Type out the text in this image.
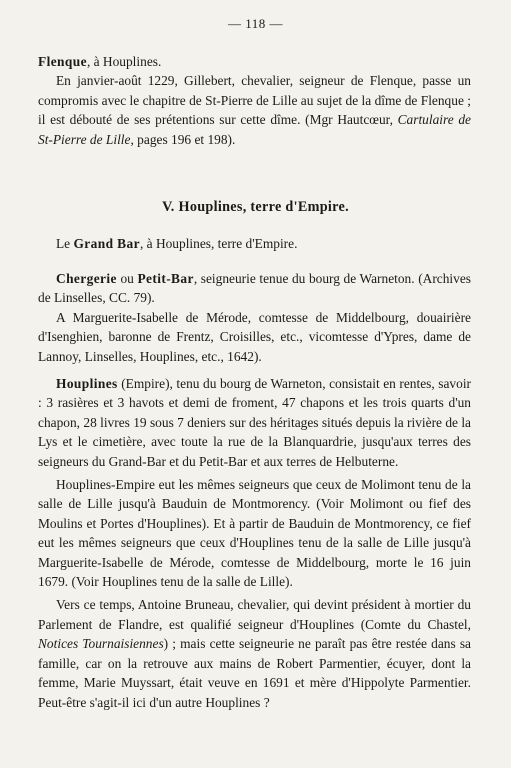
— 118 —

Flenque, à Houplines.

En janvier-août 1229, Gillebert, chevalier, seigneur de Flenque, passe un compromis avec le chapitre de St-Pierre de Lille au sujet de la dîme de Flenque ; il est débouté de ses prétentions sur cette dîme. (Mgr Hautcœur, Cartulaire de St-Pierre de Lille, pages 196 et 198).

V. Houplines, terre d'Empire.

Le Grand Bar, à Houplines, terre d'Empire.

Chergerie ou Petit-Bar, seigneurie tenue du bourg de Warneton. (Archives de Linselles, CC. 79).

A Marguerite-Isabelle de Mérode, comtesse de Middelbourg, douairière d'Isenghien, baronne de Frentz, Croisilles, etc., vicomtesse d'Ypres, dame de Lannoy, Linselles, Houplines, etc., 1642).

Houplines (Empire), tenu du bourg de Warneton, consistait en rentes, savoir : 3 rasières et 3 havots et demi de froment, 47 chapons et les trois quarts d'un chapon, 28 livres 19 sous 7 deniers sur des héritages situés depuis la rivière de la Lys et le cimetière, avec toute la rue de la Blanquardrie, jusqu'aux terres des seigneurs du Grand-Bar et du Petit-Bar et aux terres de Helbuterne.

Houplines-Empire eut les mêmes seigneurs que ceux de Molimont tenu de la salle de Lille jusqu'à Bauduin de Montmorency. (Voir Molimont ou fief des Moulins et Portes d'Houplines). Et à partir de Bauduin de Montmorency, ce fief eut les mêmes seigneurs que ceux d'Houplines tenu de la salle de Lille jusqu'à Marguerite-Isabelle de Mérode, comtesse de Middelbourg, morte le 16 juin 1679. (Voir Houplines tenu de la salle de Lille).

Vers ce temps, Antoine Bruneau, chevalier, qui devint président à mortier du Parlement de Flandre, est qualifié seigneur d'Houplines (Comte du Chastel, Notices Tournaisiennes) ; mais cette seigneurie ne paraît pas être restée dans sa famille, car on la retrouve aux mains de Robert Parmentier, écuyer, dont la femme, Marie Muyssart, était veuve en 1691 et mère d'Hippolyte Parmentier. Peut-être s'agit-il ici d'un autre Houplines ?
